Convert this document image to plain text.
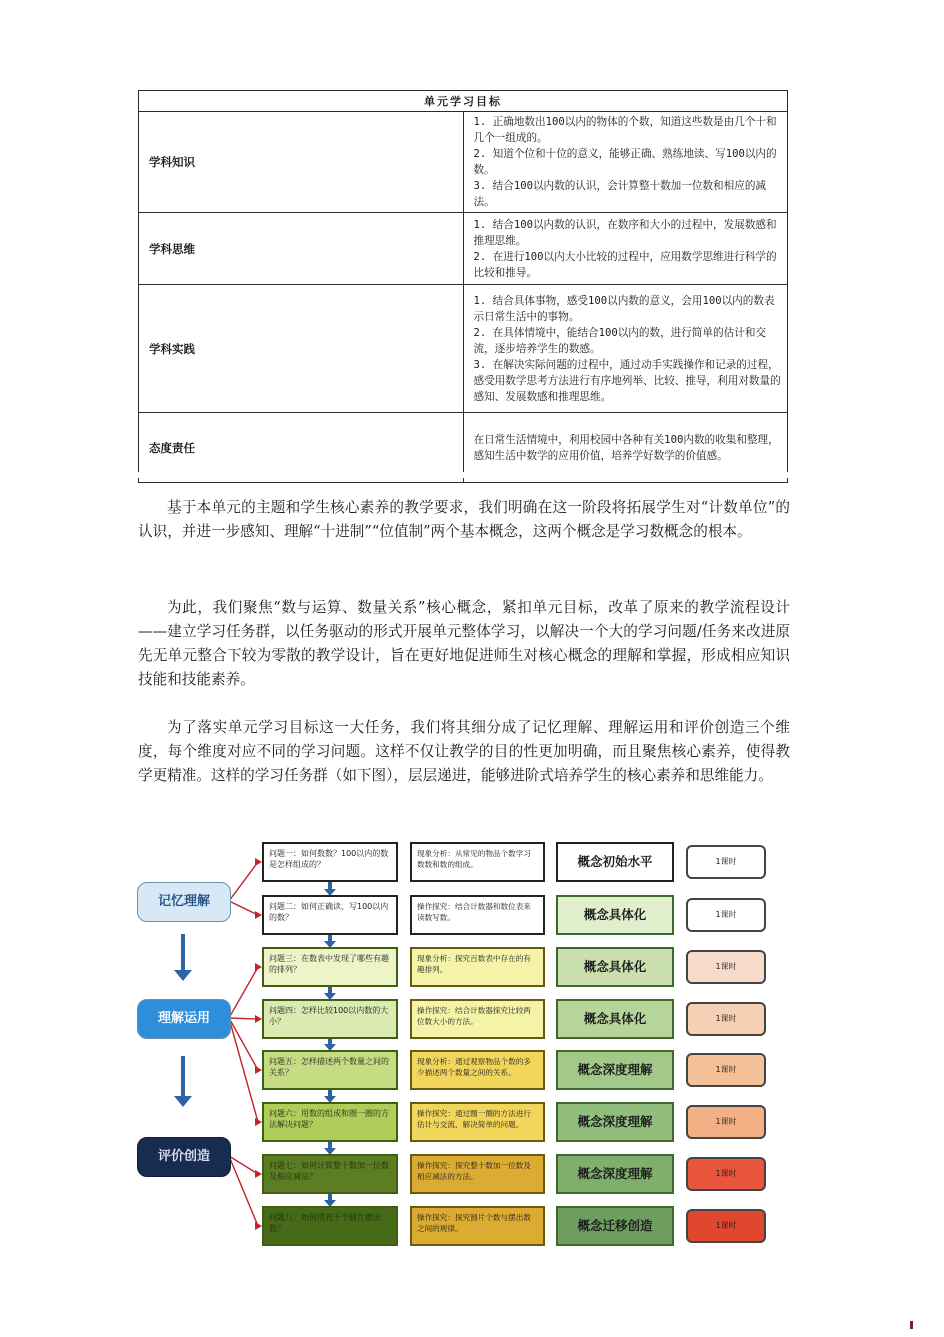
单元学习目标	
学科知识	1. 正确地数出100以内的物体的个数，知道这些数是由几个十和几个一组成的。

2. 知道个位和十位的意义，能够正确、熟练地读、写100以内的数。

3. 结合100以内数的认识，会计算整十数加一位数和相应的减法。

学科思维	1. 结合100以内数的认识，在数序和大小的过程中，发展数感和推理思维。

2. 在进行100以内大小比较的过程中，应用数学思维进行科学的比较和推导。

学科实践	1. 结合具体事物，感受100以内数的意义，会用100以内的数表示日常生活中的事物。

2. 在具体情境中，能结合100以内的数，进行简单的估计和交流，逐步培养学生的数感。

3. 在解决实际问题的过程中，通过动手实践操作和记录的过程，感受用数学思考方法进行有序地列举、比较、推导，利用对数量的感知、发展数感和推理思维。

态度责任	在日常生活情境中，利用校园中各种有关100内数的收集和整理，感知生活中数学的应用价值，培养学好数学的价值感。

基于本单元的主题和学生核心素养的教学要求，我们明确在这一阶段将拓展学生对“计数单位”的认识，并进一步感知、理解“十进制”“位值制”两个基本概念，这两个概念是学习数概念的根本。

为此，我们聚焦“数与运算、数量关系”核心概念，紧扣单元目标，改革了原来的教学流程设计——建立学习任务群，以任务驱动的形式开展单元整体学习，以解决一个大的学习问题/任务来改进原先无单元整合下较为零散的教学设计，旨在更好地促进师生对核心概念的理解和掌握，形成相应知识技能和技能素养。

为了落实单元学习目标这一大任务，我们将其细分成了记忆理解、理解运用和评价创造三个维度，每个维度对应不同的学习问题。这样不仅让教学的目的性更加明确，而且聚焦核心素养，使得教学更精准。这样的学习任务群（如下图），层层递进，能够进阶式培养学生的核心素养和思维能力。

记忆理解
理解运用
评价创造
问题一：如何数数？100以内的数是怎样组成的？
现象分析：从常见的物品个数学习数数和数的组成。	概念初始水平	1课时
问题二：如何正确读、写100以内的数？
操作探究：结合计数器和数位表来读数写数。	概念具体化	1课时
问题三：在数表中发现了哪些有趣的排列？
现象分析：探究百数表中存在的有趣排列。	概念具体化	1课时
问题四：怎样比较100以内数的大小？
操作探究：结合计数器探究比较两位数大小的方法。	概念具体化	1课时
问题五：怎样描述两个数量之间的关系？
现象分析：通过观察物品个数的多少描述两个数量之间的关系。	概念深度理解	1课时
问题六：用数的组成和圈一圈的方法解决问题？
操作探究：通过圈一圈的方法进行估计与交流，解决简单的问题。	概念深度理解	1课时
问题七：如何计算整十数加一位数及相应减法？
操作探究：探究整十数加一位数及相应减法的方法。	概念深度理解	1课时
问题八：如何用若干个圆片摆出数？
操作探究：探究圆片个数与摆出数之间的规律。	概念迁移创造	1课时
